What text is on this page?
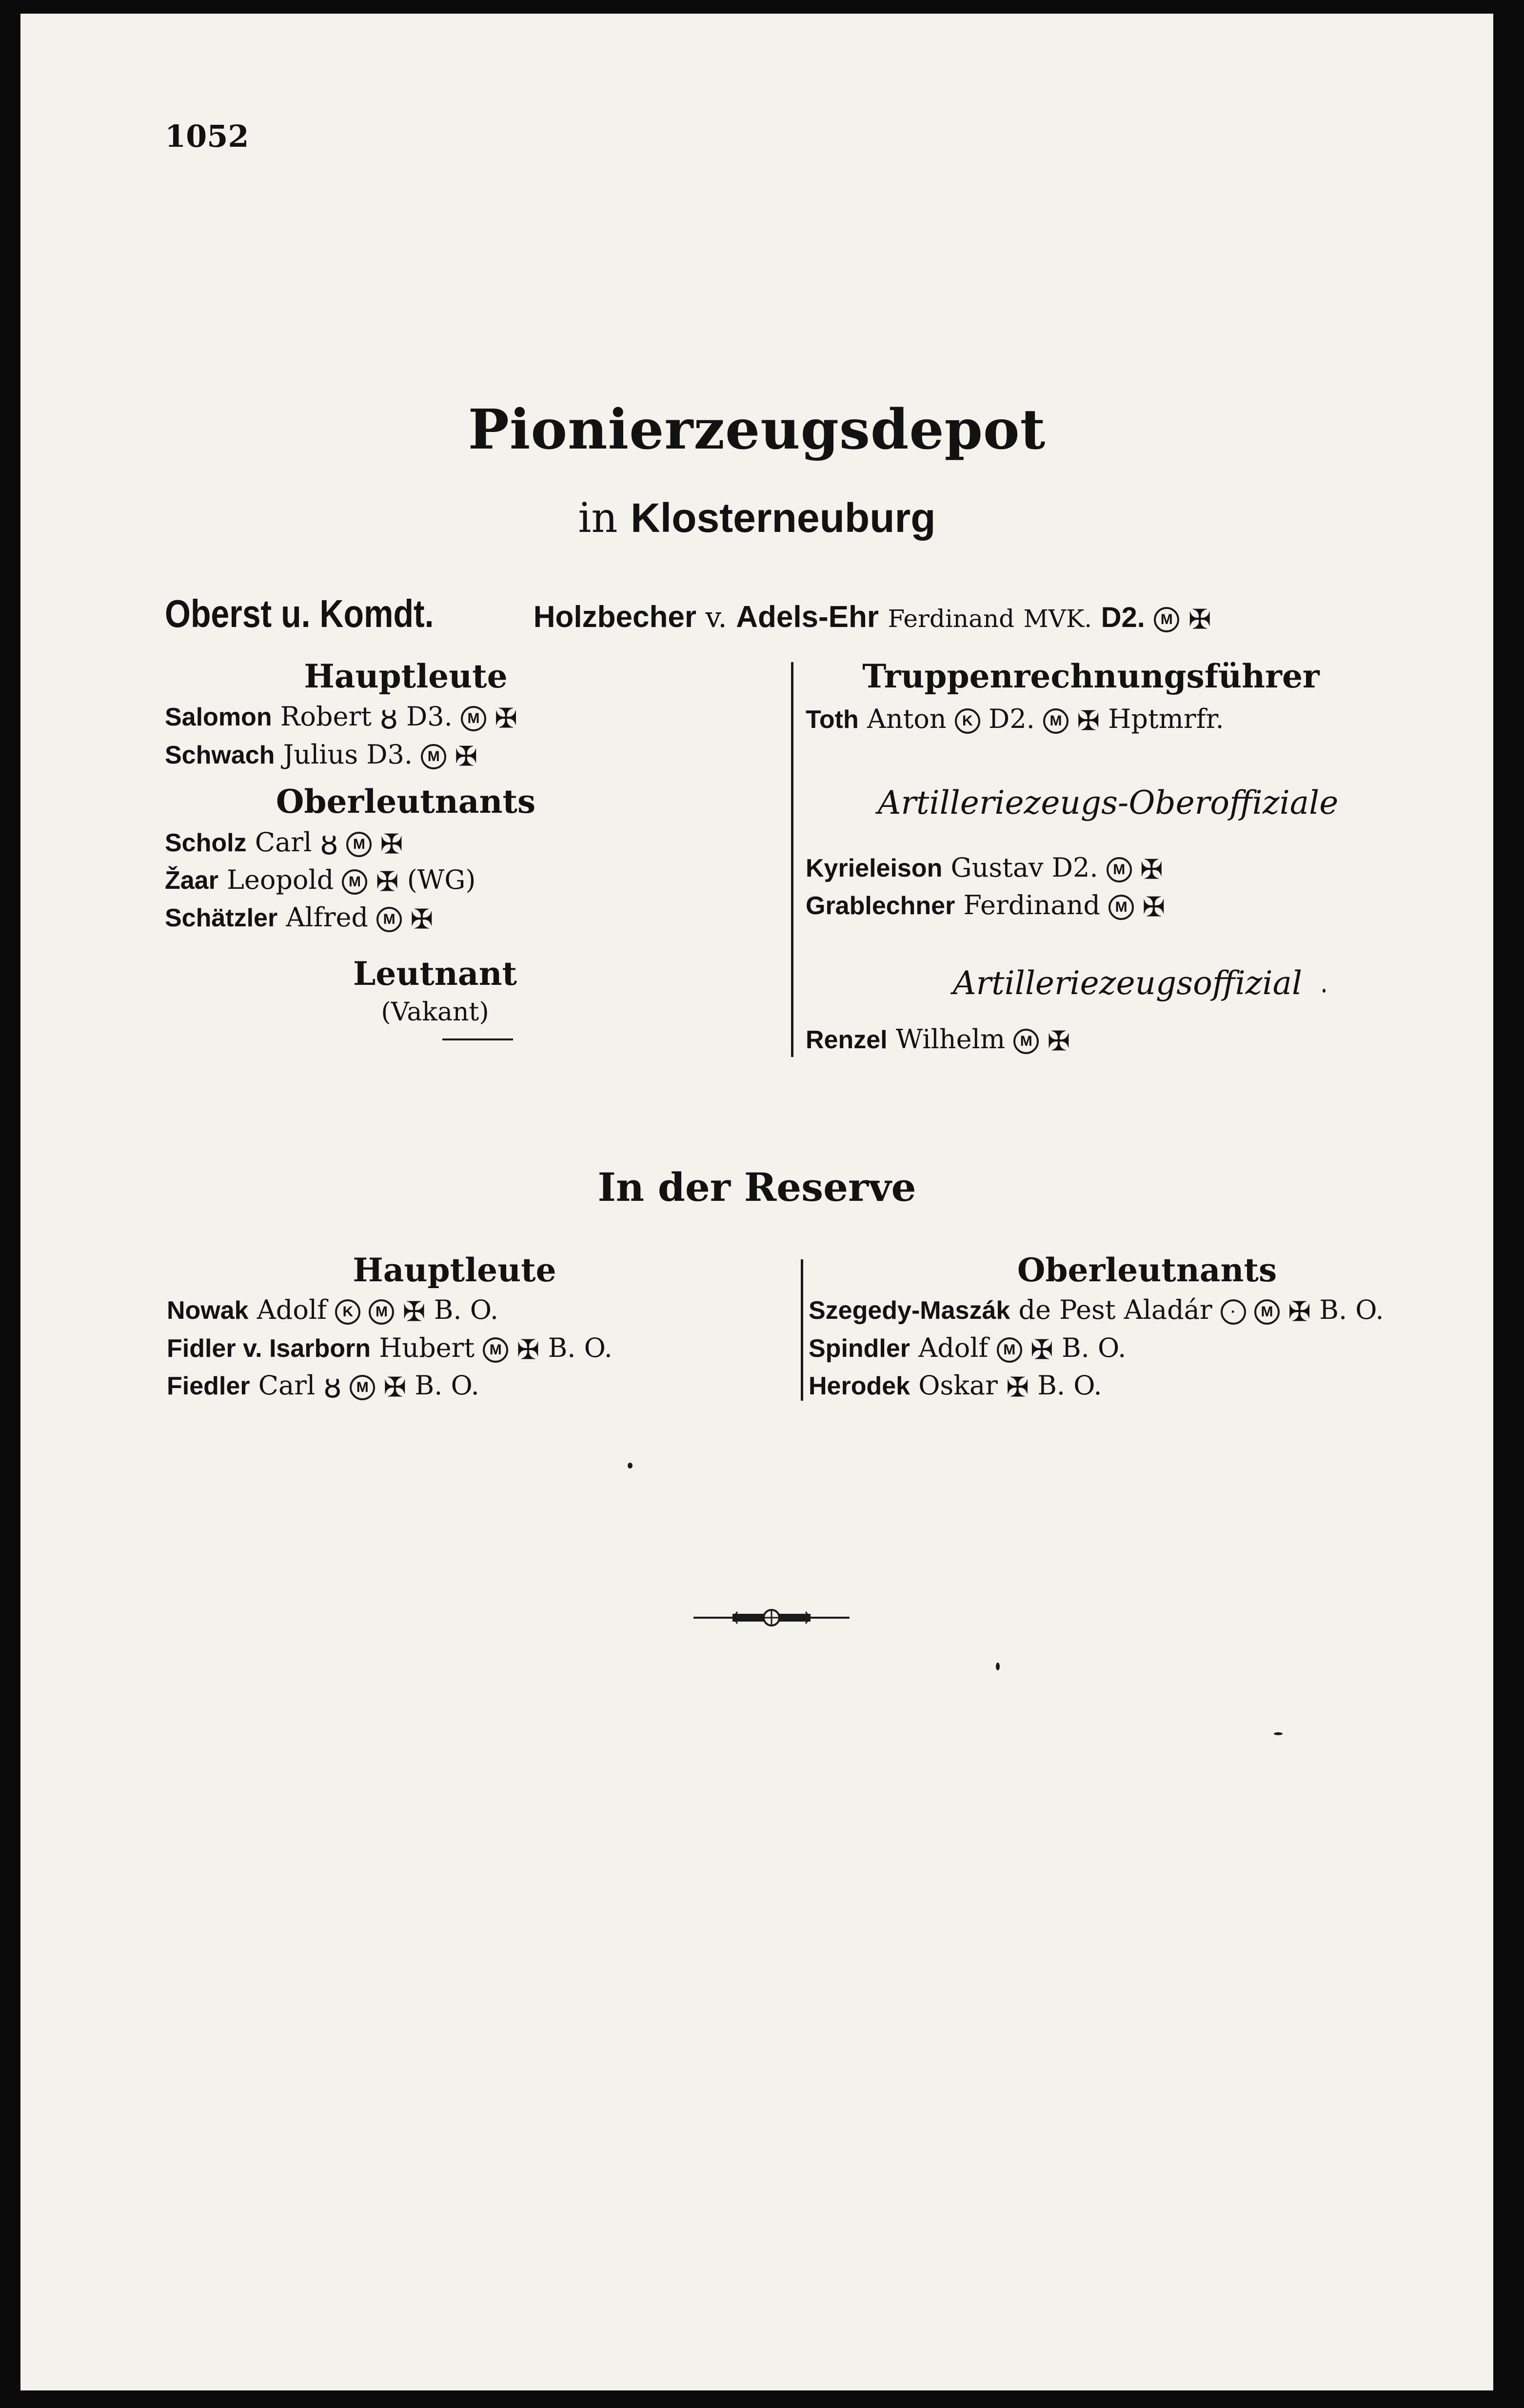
1052
Pionierzeugsdepot
in Klosterneuburg
Oberst u. Komdt.	Holzbecher v. Adels-Ehr Ferdinand MVK. D2. M ✠
Hauptleute
Salomon Robert ȣ D3. M ✠
Schwach Julius D3. M ✠
Oberleutnants
Scholz Carl ȣ M ✠
Žaar Leopold M ✠ (WG)
Schätzler Alfred M ✠
Leutnant
(Vakant)
Truppenrechnungsführer
Toth Anton K D2. M ✠ Hptmrfr.
Artilleriezeugs-Oberoffiziale
Kyrieleison Gustav D2. M ✠
Grablechner Ferdinand M ✠
Artilleriezeugsoffizial
Renzel Wilhelm M ✠
In der Reserve
Hauptleute
Nowak Adolf K M ✠ B. O.
Fidler v. Isarborn Hubert M ✠ B. O.
Fiedler Carl ȣ M ✠ B. O.
Oberleutnants
Szegedy-Maszák de Pest Aladár · M ✠ B. O.
Spindler Adolf M ✠ B. O.
Herodek Oskar ✠ B. O.
